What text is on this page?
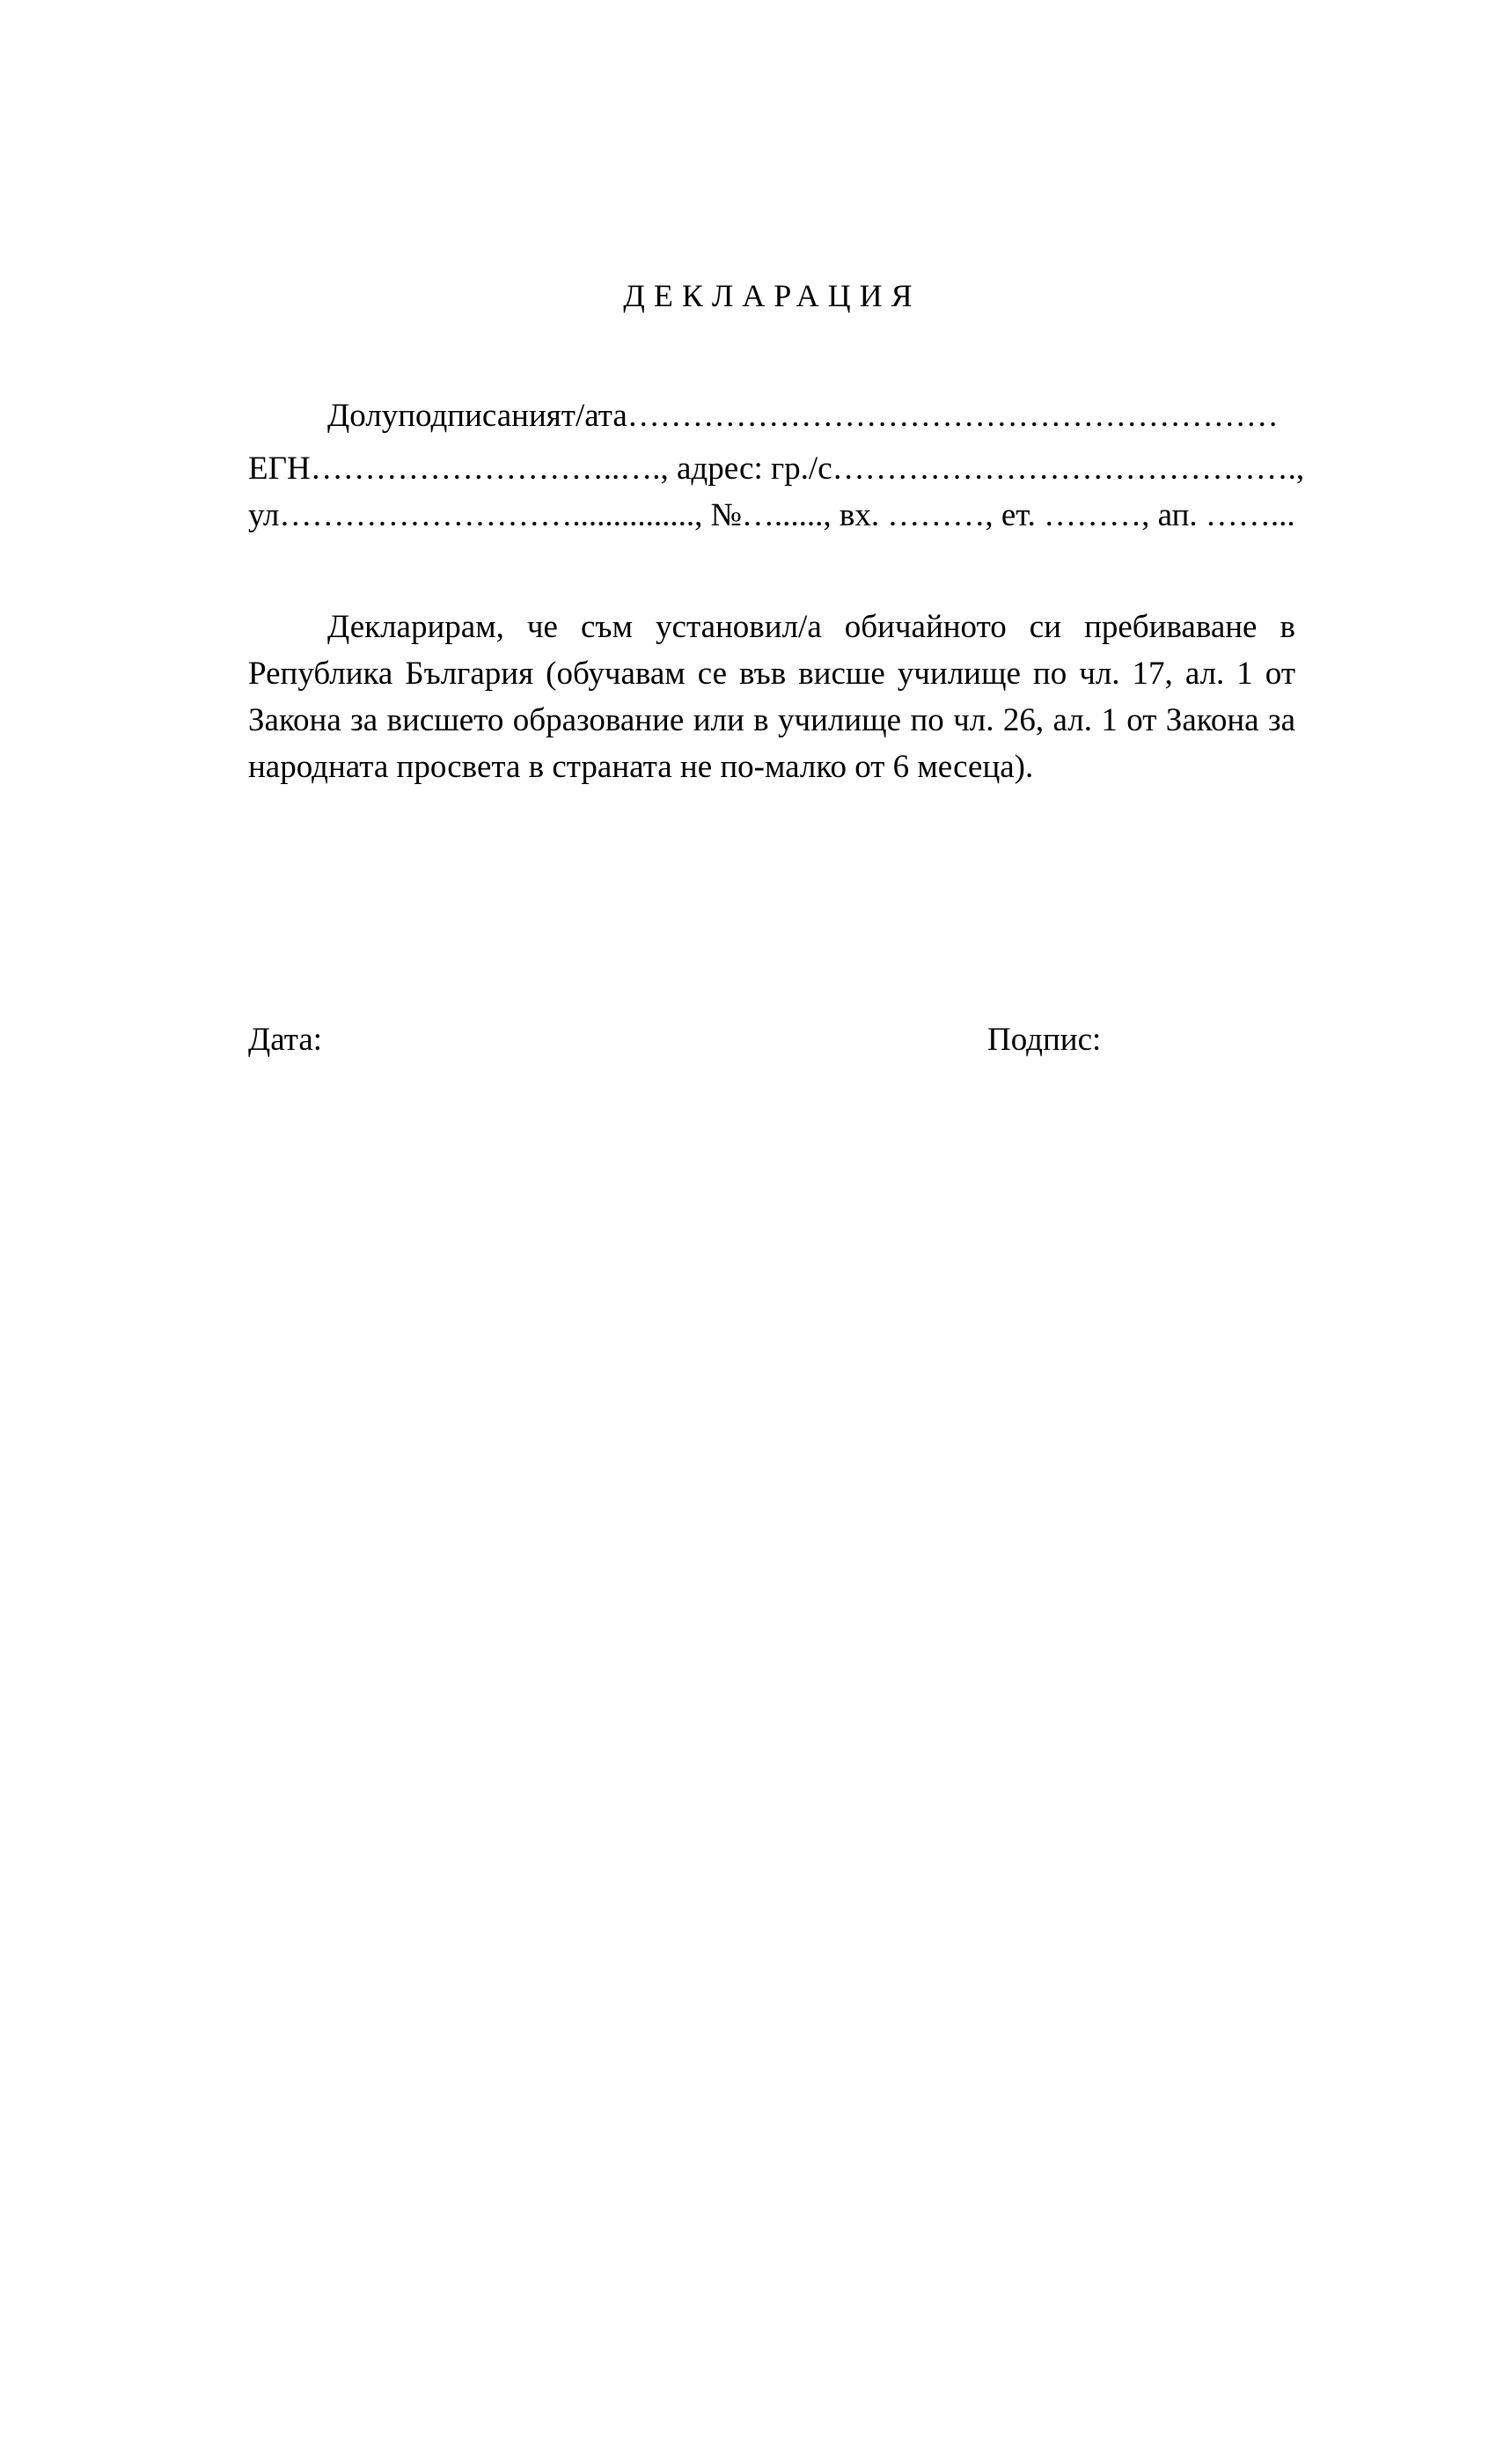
ДЕКЛАРАЦИЯ
Долуподписаният/ата……………………………………………………
ЕГН………………………..…., адрес: гр./с…………………………………….,
ул………………………..............., №…......, вх. ………, ет. ………, ап. ……...
Декларирам, че съм установил/а обичайното си пребиваване в Република България (обучавам се във висше училище по чл. 17, ал. 1 от Закона за висшето образование или в училище по чл. 26, ал. 1 от Закона за народната просвета в страната не по-малко от 6 месеца).
Дата:	Подпис:
